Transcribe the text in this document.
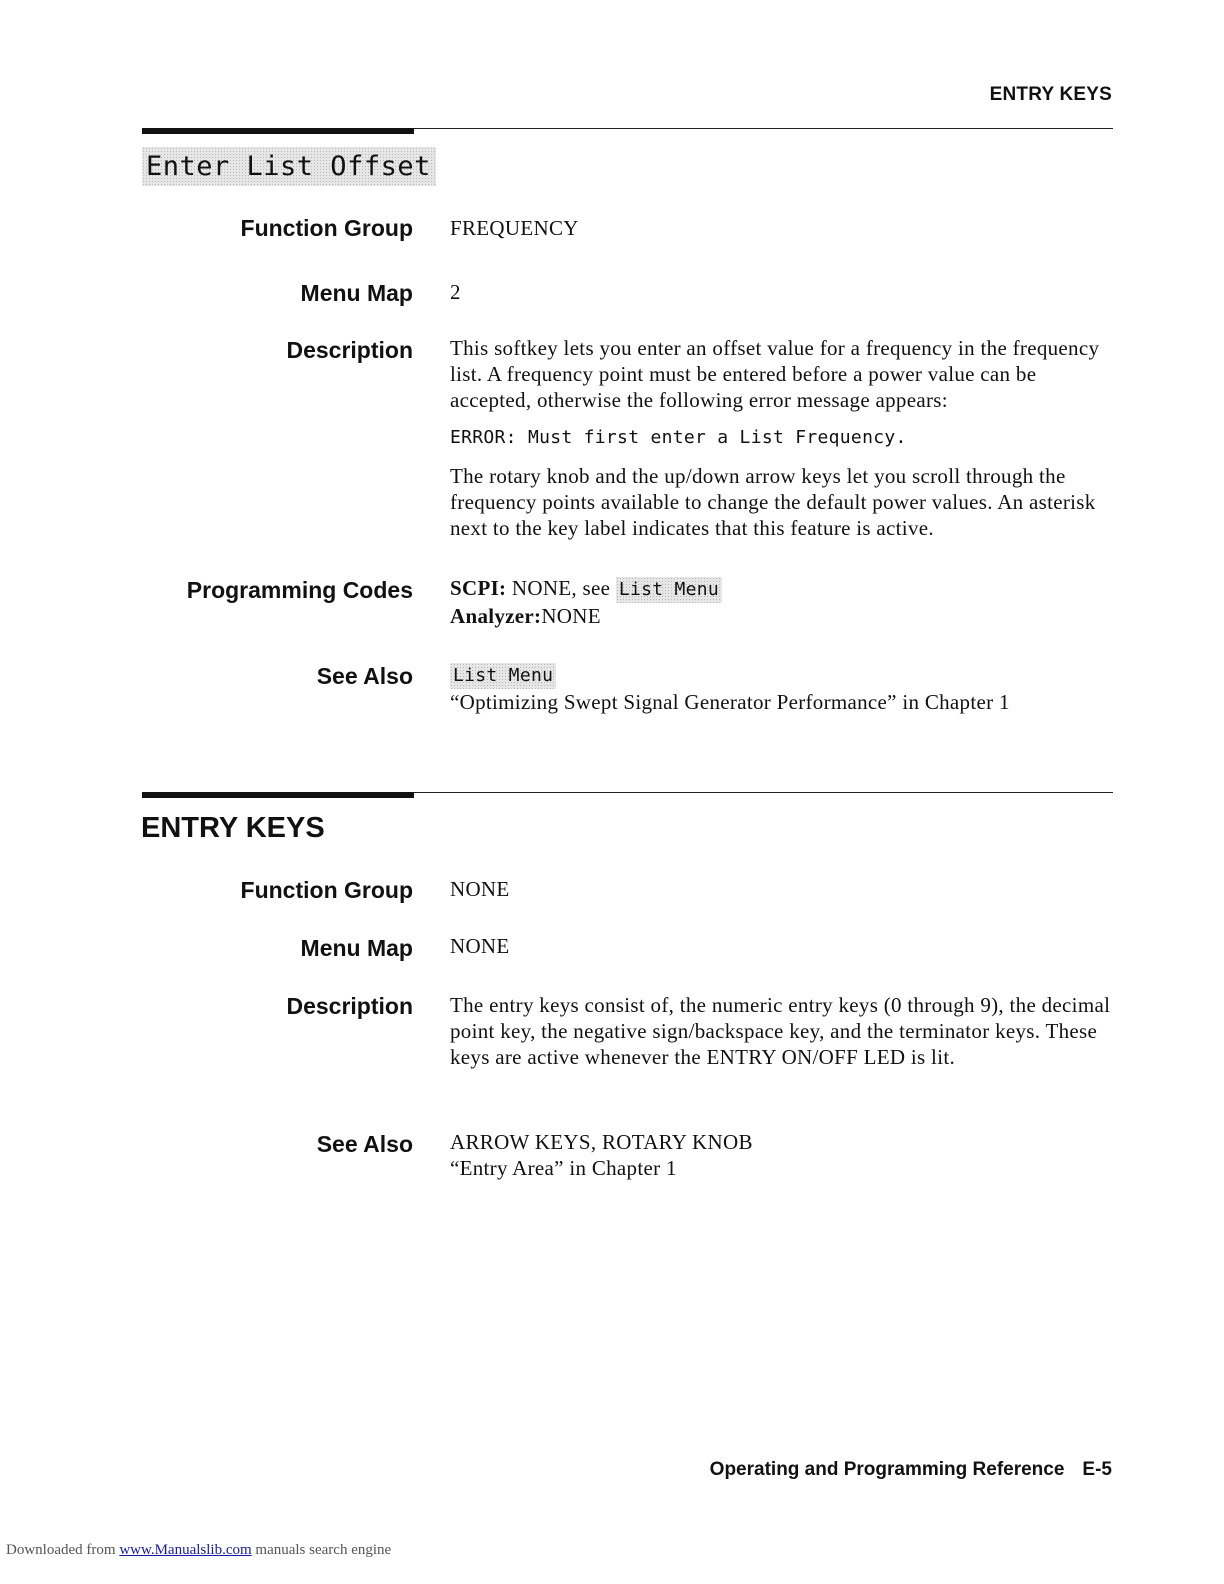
ENTRY KEYS
Enter List Offset
Function Group FREQUENCY
Menu Map 2
Description This softkey lets you enter an offset value for a frequency in the frequency list. A frequency point must be entered before a power value can be accepted, otherwise the following error message appears:

ERROR: Must first enter a List Frequency.

The rotary knob and the up/down arrow keys let you scroll through the frequency points available to change the default power values. An asterisk next to the key label indicates that this feature is active.

Programming Codes SCPI: NONE, see List Menu

Analyzer:NONE

See Also List Menu

“Optimizing Swept Signal Generator Performance” in Chapter 1

ENTRY KEYS
Function Group NONE
Menu Map NONE
Description The entry keys consist of, the numeric entry keys (0 through 9), the decimal point key, the negative sign/backspace key, and the terminator keys. These keys are active whenever the ENTRY ON/OFF LED is lit.
See Also ARROW KEYS, ROTARY KNOB

“Entry Area” in Chapter 1

Operating and Programming Reference E-5
Downloaded from www.Manualslib.com manuals search engine
